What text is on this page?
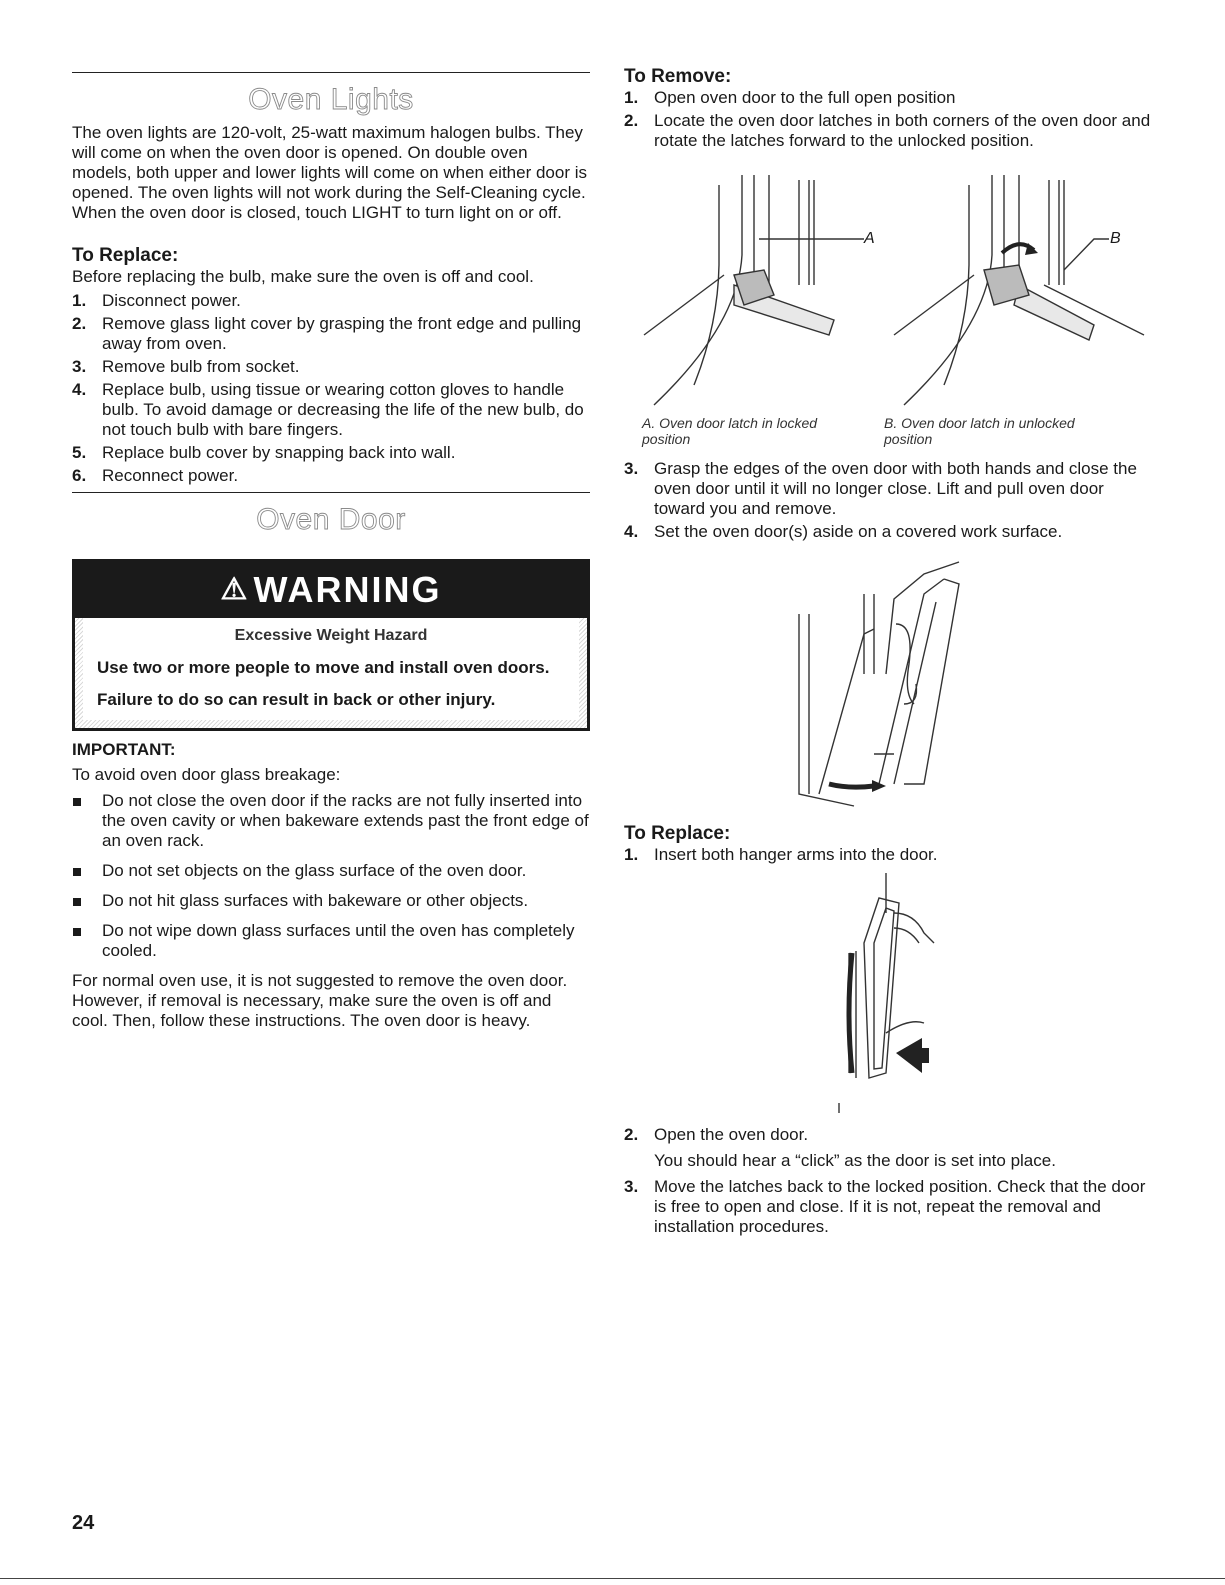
Oven Lights

The oven lights are 120-volt, 25-watt maximum halogen bulbs. They will come on when the oven door is opened. On double oven models, both upper and lower lights will come on when either door is opened. The oven lights will not work during the Self-Cleaning cycle. When the oven door is closed, touch LIGHT to turn light on or off.

To Replace:

Before replacing the bulb, make sure the oven is off and cool.

1. Disconnect power.
2. Remove glass light cover by grasping the front edge and pulling away from oven.
3. Remove bulb from socket.
4. Replace bulb, using tissue or wearing cotton gloves to handle bulb. To avoid damage or decreasing the life of the new bulb, do not touch bulb with bare fingers.
5. Replace bulb cover by snapping back into wall.
6. Reconnect power.
Oven Door
⚠ WARNING
Excessive Weight Hazard
Use two or more people to move and install oven doors.
Failure to do so can result in back or other injury.
IMPORTANT:

To avoid oven door glass breakage:

Do not close the oven door if the racks are not fully inserted into the oven cavity or when bakeware extends past the front edge of an oven rack.
Do not set objects on the glass surface of the oven door.
Do not hit glass surfaces with bakeware or other objects.
Do not wipe down glass surfaces until the oven has completely cooled.

For normal oven use, it is not suggested to remove the oven door. However, if removal is necessary, make sure the oven is off and cool. Then, follow these instructions. The oven door is heavy.

To Remove:
1. Open oven door to the full open position
2. Locate the oven door latches in both corners of the oven door and rotate the latches forward to the unlocked position.
A	B
A. Oven door latch in locked position
B. Oven door latch in unlocked position
3. Grasp the edges of the oven door with both hands and close the oven door until it will no longer close. Lift and pull oven door toward you and remove.
4. Set the oven door(s) aside on a covered work surface.
To Replace:
1. Insert both hanger arms into the door.
2. Open the oven door.
You should hear a “click” as the door is set into place.
3. Move the latches back to the locked position. Check that the door is free to open and close. If it is not, repeat the removal and installation procedures.
24
